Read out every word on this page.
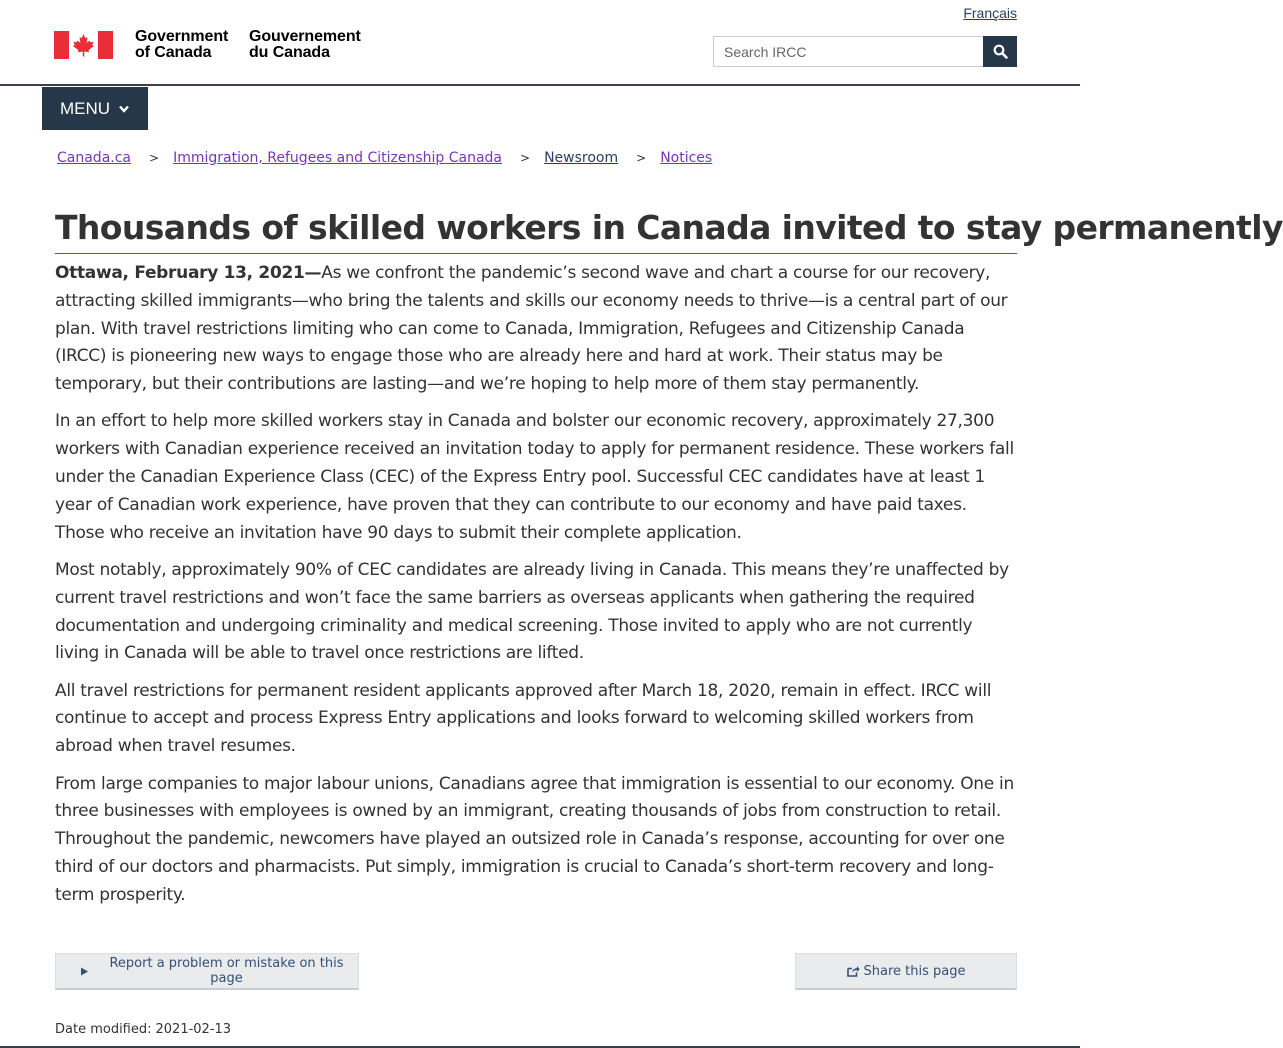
Français
Government
of Canada
Gouvernement
du Canada
Search IRCC
MENU
Canada.ca > Immigration, Refugees and Citizenship Canada > Newsroom > Notices
Thousands of skilled workers in Canada invited to stay permanently

Ottawa, February 13, 2021—As we confront the pandemic’s second wave and chart a course for our recovery, attracting skilled immigrants—who bring the talents and skills our economy needs to thrive—is a central part of our plan. With travel restrictions limiting who can come to Canada, Immigration, Refugees and Citizenship Canada (IRCC) is pioneering new ways to engage those who are already here and hard at work. Their status may be temporary, but their contributions are lasting—and we’re hoping to help more of them stay permanently.

In an effort to help more skilled workers stay in Canada and bolster our economic recovery, approximately 27,300 workers with Canadian experience received an invitation today to apply for permanent residence. These workers fall under the Canadian Experience Class (CEC) of the Express Entry pool. Successful CEC candidates have at least 1 year of Canadian work experience, have proven that they can contribute to our economy and have paid taxes. Those who receive an invitation have 90 days to submit their complete application.

Most notably, approximately 90% of CEC candidates are already living in Canada. This means they’re unaffected by current travel restrictions and won’t face the same barriers as overseas applicants when gathering the required documentation and undergoing criminality and medical screening. Those invited to apply who are not currently living in Canada will be able to travel once restrictions are lifted.

All travel restrictions for permanent resident applicants approved after March 18, 2020, remain in effect. IRCC will continue to accept and process Express Entry applications and looks forward to welcoming skilled workers from abroad when travel resumes.

From large companies to major labour unions, Canadians agree that immigration is essential to our economy. One in three businesses with employees is owned by an immigrant, creating thousands of jobs from construction to retail. Throughout the pandemic, newcomers have played an outsized role in Canada’s response, accounting for over one third of our doctors and pharmacists. Put simply, immigration is crucial to Canada’s short-term recovery and long-term prosperity.

Report a problem or mistake on this page	Share this page
Date modified: 2021-02-13
